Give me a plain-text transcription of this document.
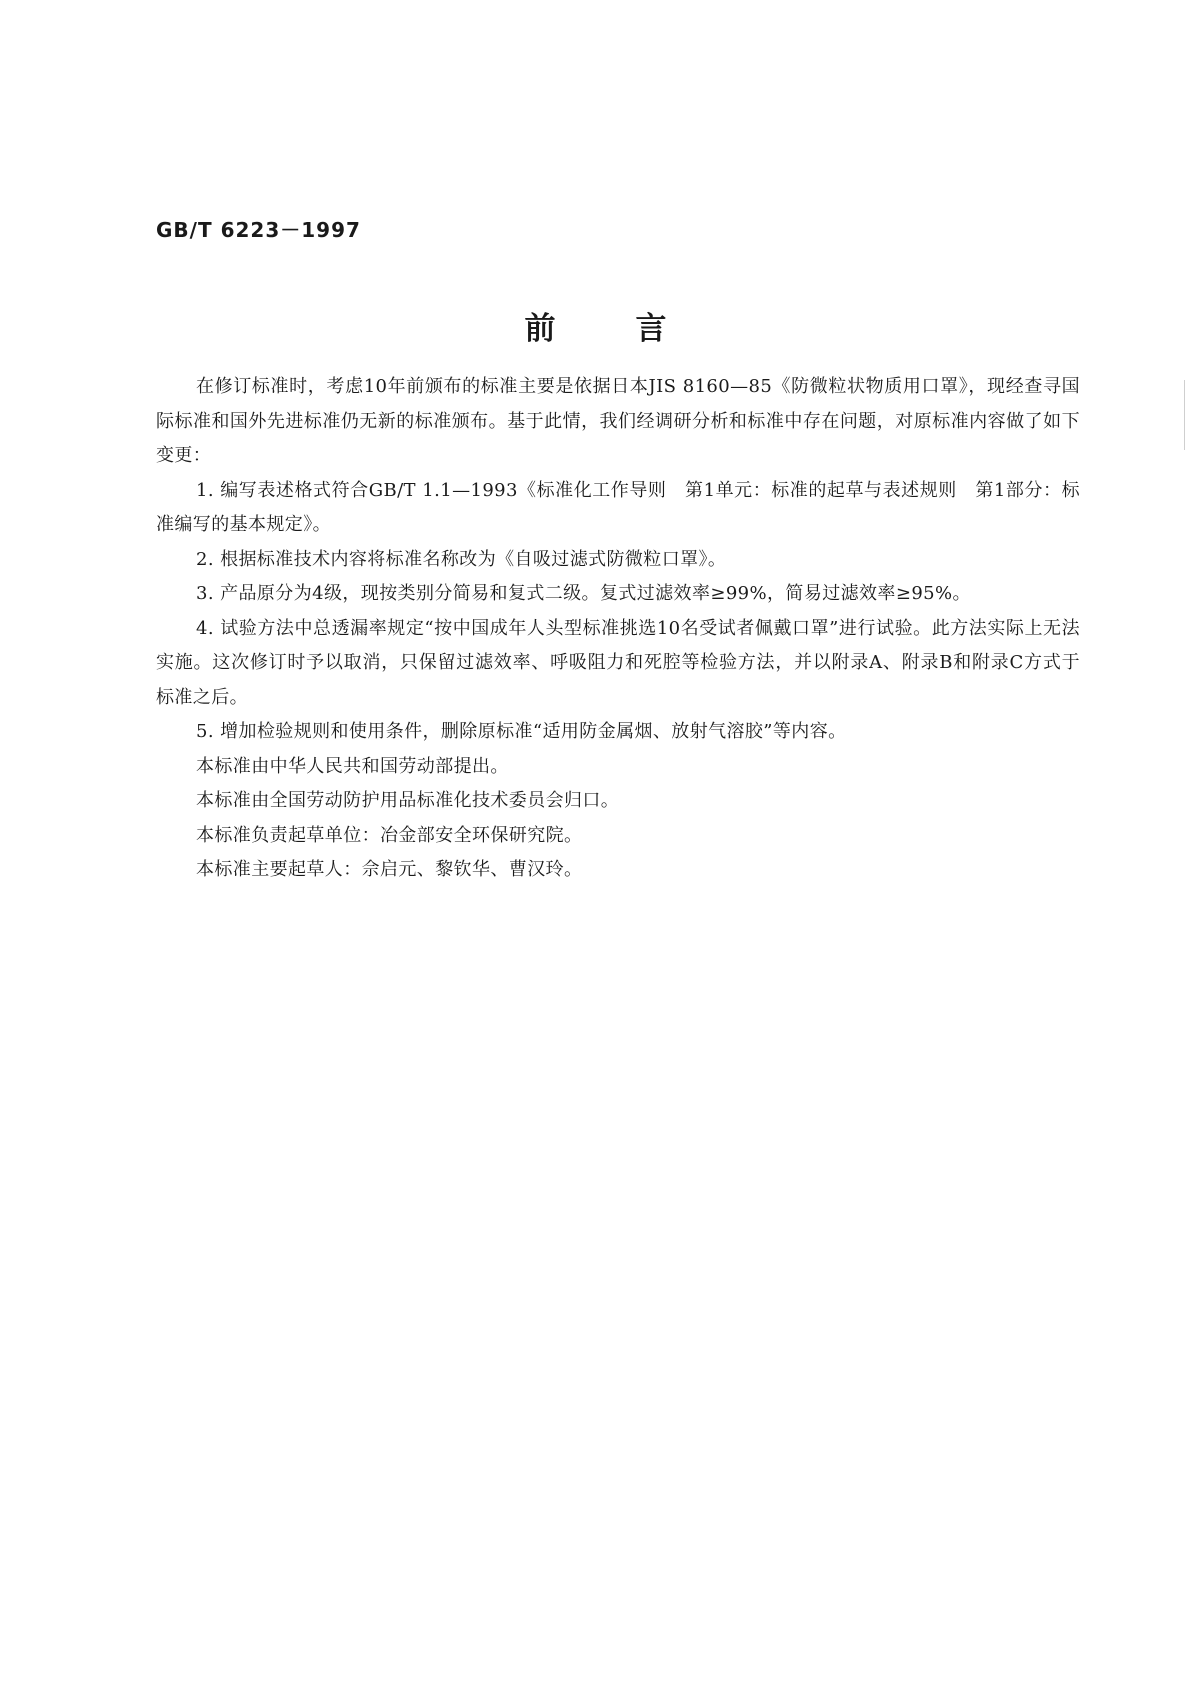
GB/T 6223－1997

前言

在修订标准时，考虑10年前颁布的标准主要是依据日本JIS 8160—85《防微粒状物质用口罩》，现经查寻国际标准和国外先进标准仍无新的标准颁布。基于此情，我们经调研分析和标准中存在问题，对原标准内容做了如下变更：

1. 编写表述格式符合GB/T 1.1—1993《标准化工作导则　第1单元：标准的起草与表述规则　第1部分：标准编写的基本规定》。

2. 根据标准技术内容将标准名称改为《自吸过滤式防微粒口罩》。

3. 产品原分为4级，现按类别分简易和复式二级。复式过滤效率≥99%，简易过滤效率≥95%。

4. 试验方法中总透漏率规定“按中国成年人头型标准挑选10名受试者佩戴口罩”进行试验。此方法实际上无法实施。这次修订时予以取消，只保留过滤效率、呼吸阻力和死腔等检验方法，并以附录A、附录B和附录C方式于标准之后。

5. 增加检验规则和使用条件，删除原标准“适用防金属烟、放射气溶胶”等内容。

本标准由中华人民共和国劳动部提出。

本标准由全国劳动防护用品标准化技术委员会归口。

本标准负责起草单位：冶金部安全环保研究院。

本标准主要起草人：佘启元、黎钦华、曹汉玲。
